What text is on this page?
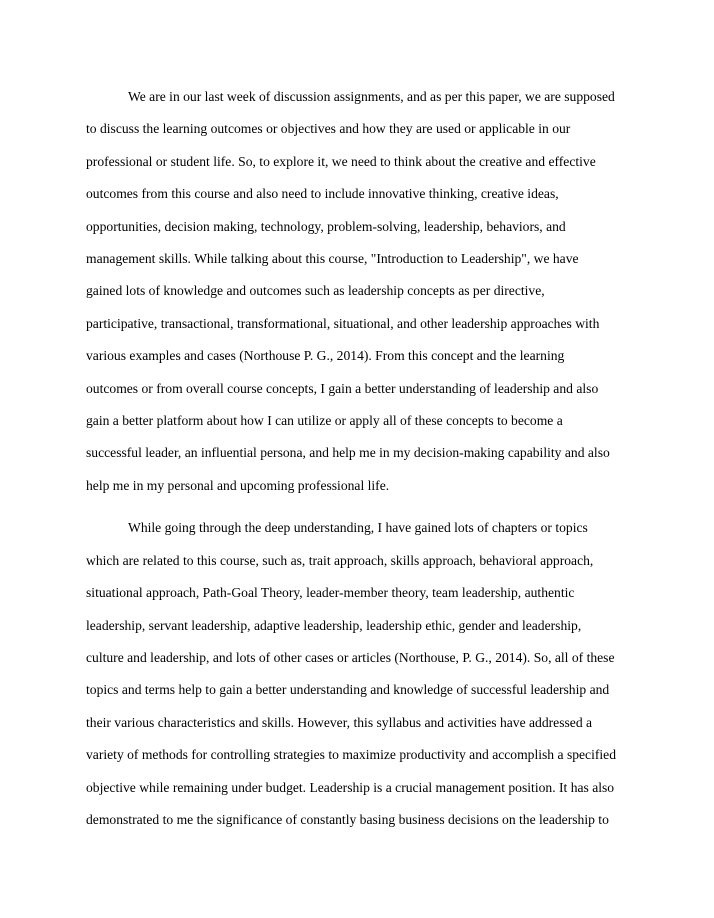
We are in our last week of discussion assignments, and as per this paper, we are supposed
to discuss the learning outcomes or objectives and how they are used or applicable in our
professional or student life. So, to explore it, we need to think about the creative and effective
outcomes from this course and also need to include innovative thinking, creative ideas,
opportunities, decision making, technology, problem-solving, leadership, behaviors, and
management skills. While talking about this course, "Introduction to Leadership", we have
gained lots of knowledge and outcomes such as leadership concepts as per directive,
participative, transactional, transformational, situational, and other leadership approaches with
various examples and cases (Northouse P. G., 2014). From this concept and the learning
outcomes or from overall course concepts, I gain a better understanding of leadership and also
gain a better platform about how I can utilize or apply all of these concepts to become a
successful leader, an influential persona, and help me in my decision-making capability and also
help me in my personal and upcoming professional life.

While going through the deep understanding, I have gained lots of chapters or topics
which are related to this course, such as, trait approach, skills approach, behavioral approach,
situational approach, Path-Goal Theory, leader-member theory, team leadership, authentic
leadership, servant leadership, adaptive leadership, leadership ethic, gender and leadership,
culture and leadership, and lots of other cases or articles (Northouse, P. G., 2014). So, all of these
topics and terms help to gain a better understanding and knowledge of successful leadership and
their various characteristics and skills. However, this syllabus and activities have addressed a
variety of methods for controlling strategies to maximize productivity and accomplish a specified
objective while remaining under budget. Leadership is a crucial management position. It has also
demonstrated to me the significance of constantly basing business decisions on the leadership to
